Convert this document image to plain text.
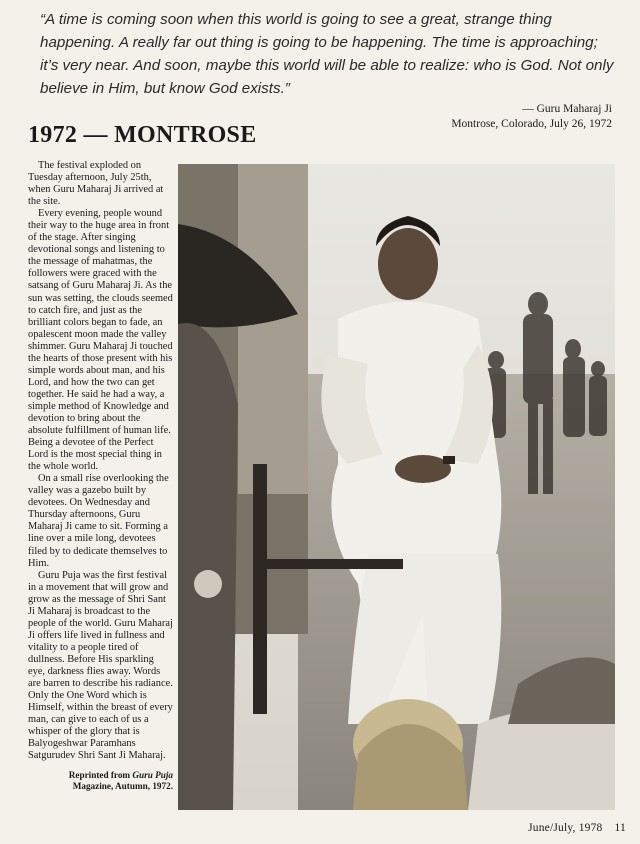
“A time is coming soon when this world is going to see a great, strange thing happening. A really far out thing is going to be happening. The time is approaching; it’s very near. And soon, maybe this world will be able to realize: who is God. Not only believe in Him, but know God exists.”

— Guru Maharaj Ji
Montrose, Colorado, July 26, 1972
1972 — MONTROSE

The festival exploded on Tuesday afternoon, July 25th, when Guru Maharaj Ji arrived at the site.

Every evening, people wound their way to the huge area in front of the stage. After singing devotional songs and listening to the message of mahatmas, the followers were graced with the satsang of Guru Maharaj Ji. As the sun was setting, the clouds seemed to catch fire, and just as the brilliant colors began to fade, an opalescent moon made the valley shimmer. Guru Maharaj Ji touched the hearts of those present with his simple words about man, and his Lord, and how the two can get together. He said he had a way, a simple method of Knowledge and devotion to bring about the absolute fulfillment of human life. Being a devotee of the Perfect Lord is the most special thing in the whole world.

On a small rise overlooking the valley was a gazebo built by devotees. On Wednesday and Thursday afternoons, Guru Maharaj Ji came to sit. Forming a line over a mile long, devotees filed by to dedicate themselves to Him.

Guru Puja was the first festival in a movement that will grow and grow as the message of Shri Sant Ji Maharaj is broadcast to the people of the world. Guru Maharaj Ji offers life lived in fullness and vitality to a people tired of dullness. Before His sparkling eye, darkness flies away. Words are barren to describe his radiance. Only the One Word which is Himself, within the breast of every man, can give to each of us a whisper of the glory that is Balyogeshwar Paramhans Satgurudev Shri Sant Ji Maharaj.

Reprinted from Guru Puja Magazine, Autumn, 1972.

June/July, 1978 11
